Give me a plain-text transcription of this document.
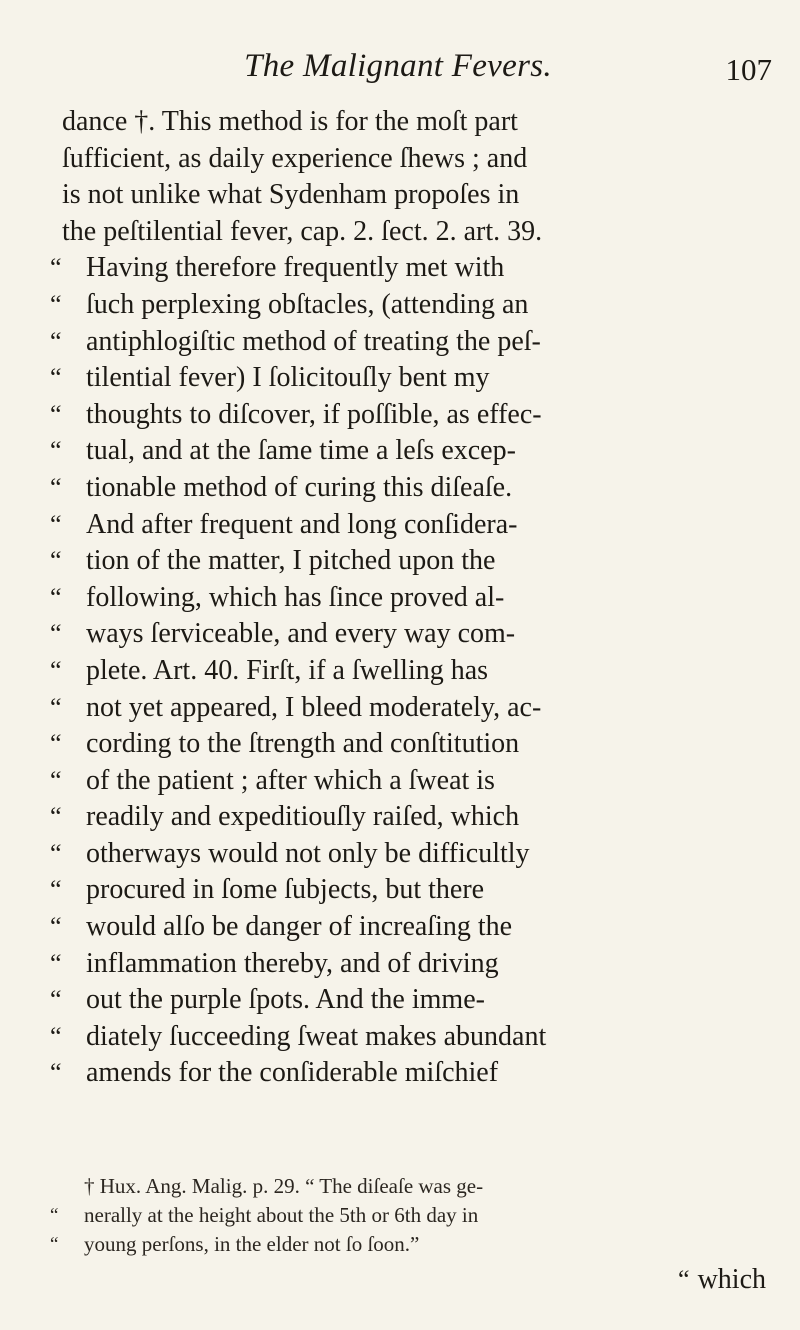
The Malignant Fevers.	107
dance †. This method is for the moſt part
ſufficient, as daily experience ſhews ; and
is not unlike what Sydenham propoſes in
the peſtilential fever, cap. 2. ſect. 2. art. 39.
“ Having therefore frequently met with
“ ſuch perplexing obſtacles, (attending an
“ antiphlogiſtic method of treating the peſ-
“ tilential fever) I ſolicitouſly bent my
“ thoughts to diſcover, if poſſible, as effec-
“ tual, and at the ſame time a leſs excep-
“ tionable method of curing this diſeaſe.
“ And after frequent and long conſidera-
“ tion of the matter, I pitched upon the
“ following, which has ſince proved al-
“ ways ſerviceable, and every way com-
“ plete. Art. 40. Firſt, if a ſwelling has
“ not yet appeared, I bleed moderately, ac-
“ cording to the ſtrength and conſtitution
“ of the patient ; after which a ſweat is
“ readily and expeditiouſly raiſed, which
“ otherways would not only be difficultly
“ procured in ſome ſubjects, but there
“ would alſo be danger of increaſing the
“ inflammation thereby, and of driving
“ out the purple ſpots. And the imme-
“ diately ſucceeding ſweat makes abundant
“ amends for the conſiderable miſchief
† Hux. Ang. Malig. p. 29. “ The diſeaſe was ge-
“	nerally at the height about the 5th or 6th day in
“	young perſons, in the elder not ſo ſoon.”
“ which
